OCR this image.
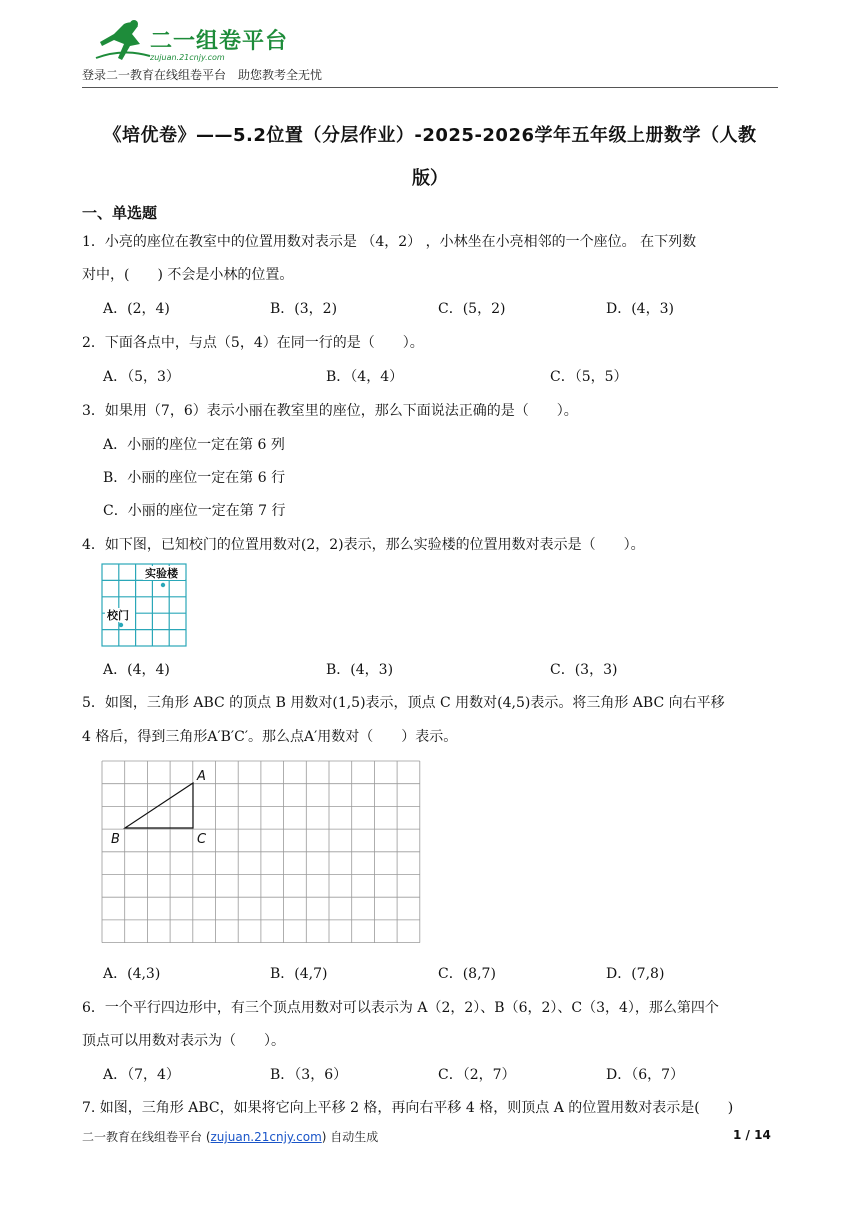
二一组卷平台
zujuan.21cnjy.com
登录二一教育在线组卷平台　助您教考全无忧
《培优卷》——5.2位置（分层作业）-2025-2026学年五年级上册数学（人教
版）
一、单选题
1．小亮的座位在教室中的位置用数对表示是 （4，2） ，小林坐在小亮相邻的一个座位。 在下列数
对中，(　　) 不会是小林的位置。
A．(2，4)	B．(3，2)	C．(5，2)	D．(4，3)
2．下面各点中，与点（5，4）在同一行的是（　　）。
A．（5，3）	B．（4，4）	C．（5，5）
3．如果用（7，6）表示小丽在教室里的座位，那么下面说法正确的是（　　）。
A．小丽的座位一定在第 6 列
B．小丽的座位一定在第 6 行
C．小丽的座位一定在第 7 行
4．如下图，已知校门的位置用数对(2，2)表示，那么实验楼的位置用数对表示是（　　）。
实验楼
校门
A．(4，4)	B．(4，3)	C．(3，3)
5．如图，三角形 ABC 的顶点 B 用数对(1,5)表示，顶点 C 用数对(4,5)表示。将三角形 ABC 向右平移
4 格后，得到三角形A′B′C′。那么点A′用数对（　　）表示。
A
B	C
A．(4,3)	B．(4,7)	C．(8,7)	D．(7,8)
6．一个平行四边形中，有三个顶点用数对可以表示为 A（2，2）、B（6，2）、C（3，4），那么第四个
顶点可以用数对表示为（　　）。
A．（7，4）	B．（3，6）	C．（2，7）	D．（6，7）
7. 如图，三角形 ABC，如果将它向上平移 2 格，再向右平移 4 格，则顶点 A 的位置用数对表示是(　　)
二一教育在线组卷平台 (zujuan.21cnjy.com) 自动生成	1 / 14
